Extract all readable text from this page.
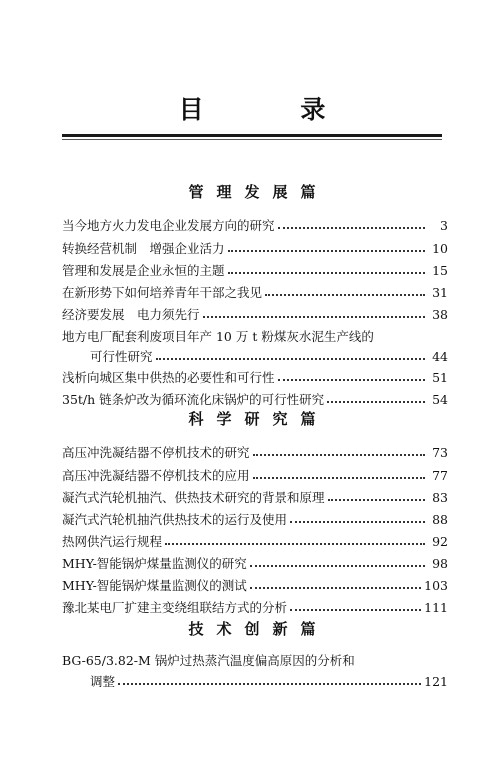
目 录
管理发展篇
当今地方火力发电企业发展方向的研究	3
转换经营机制　增强企业活力	10
管理和发展是企业永恒的主题	15
在新形势下如何培养青年干部之我见	31
经济要发展　电力须先行	38
地方电厂配套利废项目年产 10 万 t 粉煤灰水泥生产线的
可行性研究	44
浅析向城区集中供热的必要性和可行性	51
35t/h 链条炉改为循环流化床锅炉的可行性研究	54
科学研究篇
高压冲洗凝结器不停机技术的研究	73
高压冲洗凝结器不停机技术的应用	77
凝汽式汽轮机抽汽、供热技术研究的背景和原理	83
凝汽式汽轮机抽汽供热技术的运行及使用	88
热网供汽运行规程	92
MHY-智能锅炉煤量监测仪的研究	98
MHY-智能锅炉煤量监测仪的测试	103
豫北某电厂扩建主变绕组联结方式的分析	111
技术创新篇
BG-65/3.82-M 锅炉过热蒸汽温度偏高原因的分析和
调整	121
